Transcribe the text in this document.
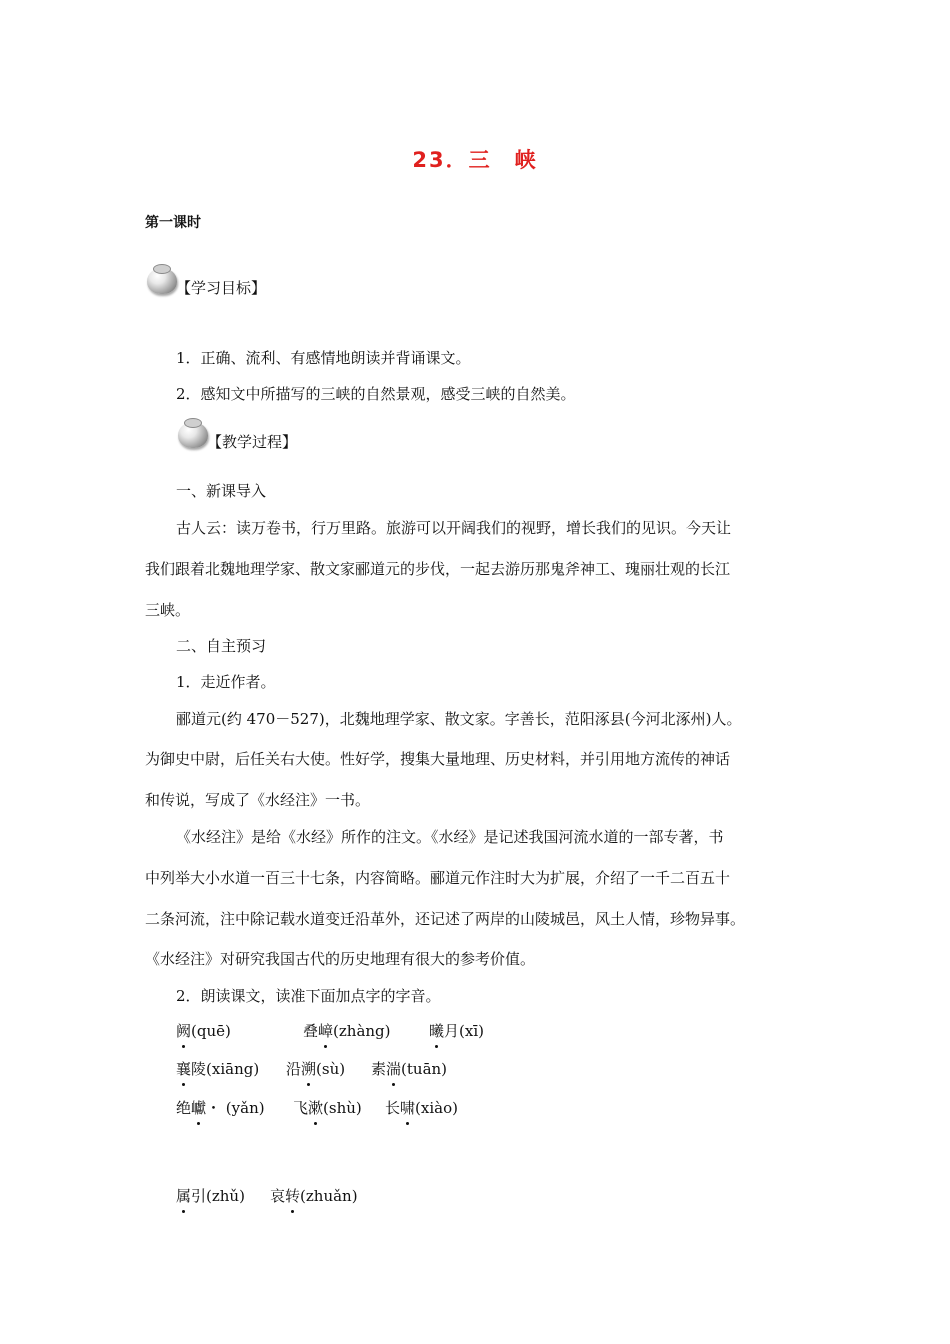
23．三　峡
第一课时
【学习目标】
1．正确、流利、有感情地朗读并背诵课文。
2．感知文中所描写的三峡的自然景观，感受三峡的自然美。
【教学过程】
一、新课导入
古人云：读万卷书，行万里路。旅游可以开阔我们的视野，增长我们的见识。今天让
我们跟着北魏地理学家、散文家郦道元的步伐，一起去游历那鬼斧神工、瑰丽壮观的长江
三峡。
二、自主预习
1．走近作者。
郦道元(约 470－527)，北魏地理学家、散文家。字善长，范阳涿县(今河北涿州)人。
为御史中尉，后任关右大使。性好学，搜集大量地理、历史材料，并引用地方流传的神话
和传说，写成了《水经注》一书。
《水经注》是给《水经》所作的注文。《水经》是记述我国河流水道的一部专著，书
中列举大小水道一百三十七条，内容简略。郦道元作注时大为扩展，介绍了一千二百五十
二条河流，注中除记载水道变迁沿革外，还记述了两岸的山陵城邑，风土人情，珍物异事。
《水经注》对研究我国古代的历史地理有很大的参考价值。
2．朗读课文，读准下面加点字的字音。
阙(quē)	叠嶂(zhàng)	曦月(xī)
襄陵(xiāng) 沿溯(sù) 素湍(tuān)
绝巘・ (yǎn) 飞漱(shù) 长啸(xiào)
属引(zhǔ) 哀转(zhuǎn)
